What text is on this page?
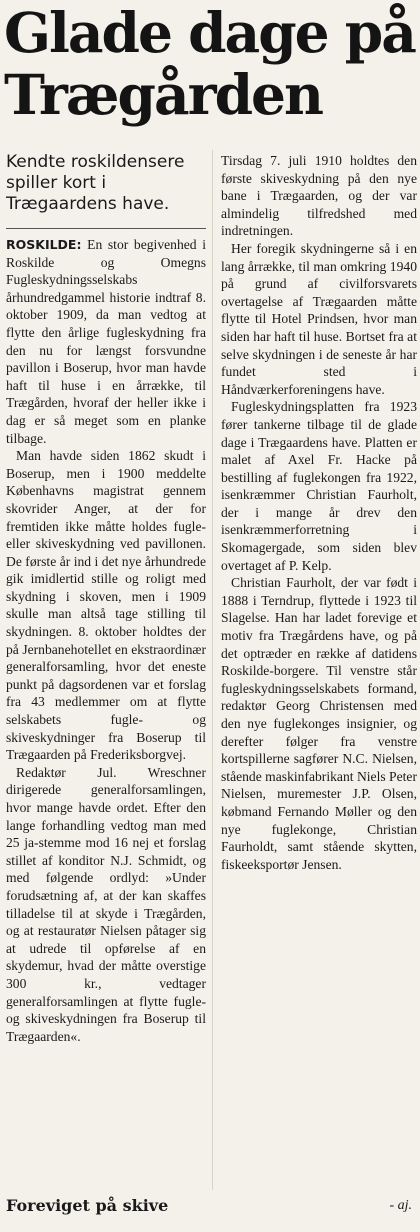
Glade dage på Trægården
Kendte roskildensere spiller kort i Trægaardens have.

ROSKILDE: En stor begivenhed i Roskilde og Omegns Fugleskydningsselskabs århundredgammel historie indtraf 8. oktober 1909, da man vedtog at flytte den årlige fugleskydning fra den nu for længst forsvundne pavillon i Boserup, hvor man havde haft til huse i en årrække, til Trægården, hvoraf der heller ikke i dag er så meget som en planke tilbage.

Man havde siden 1862 skudt i Boserup, men i 1900 meddelte Københavns magistrat gennem skovrider Anger, at der for fremtiden ikke måtte holdes fugle- eller skiveskydning ved pavillonen. De første år ind i det nye århundrede gik imidlertid stille og roligt med skydning i skoven, men i 1909 skulle man altså tage stilling til skydningen. 8. oktober holdtes der på Jernbanehotellet en ekstraordinær generalforsamling, hvor det eneste punkt på dagsordenen var et forslag fra 43 medlemmer om at flytte selskabets fugle- og skiveskydninger fra Boserup til Trægaarden på Frederiksborgvej.

Redaktør Jul. Wreschner dirigerede generalforsamlingen, hvor mange havde ordet. Efter den lange forhandling vedtog man med 25 ja-stemme mod 16 nej et forslag stillet af konditor N.J. Schmidt, og med følgende ordlyd: »Under forudsætning af, at der kan skaffes tilladelse til at skyde i Trægården, og at restauratør Nielsen påtager sig at udrede til opførelse af en skydemur, hvad der måtte overstige 300 kr., vedtager generalforsamlingen at flytte fugle- og skiveskydningen fra Boserup til Trægaarden«.

Tirsdag 7. juli 1910 holdtes den første skiveskydning på den nye bane i Trægaarden, og der var almindelig tilfredshed med indretningen.

Her foregik skydningerne så i en lang årrække, til man omkring 1940 på grund af civilforsvarets overtagelse af Trægaarden måtte flytte til Hotel Prindsen, hvor man siden har haft til huse. Bortset fra at selve skydningen i de seneste år har fundet sted i Håndværkerforeningens have.

Fugleskydningsplatten fra 1923 fører tankerne tilbage til de glade dage i Trægaardens have. Platten er malet af Axel Fr. Hacke på bestilling af fuglekongen fra 1922, isenkræmmer Christian Faurholt, der i mange år drev den isenkræmmerforretning i Skomagergade, som siden blev overtaget af P. Kelp.

Christian Faurholt, der var født i 1888 i Terndrup, flyttede i 1923 til Slagelse. Han har ladet forevige et motiv fra Trægårdens have, og på det optræder en række af datidens Roskilde-borgere. Til venstre står fugleskydningsselskabets formand, redaktør Georg Christensen med den nye fuglekonges insignier, og derefter følger fra venstre kortspillerne sagfører N.C. Nielsen, stående maskinfabrikant Niels Peter Nielsen, muremester J.P. Olsen, købmand Fernando Møller og den nye fuglekonge, Christian Faurholdt, samt stående skytten, fiskeeksportør Jensen.

Foreviget på skive	- aj.
